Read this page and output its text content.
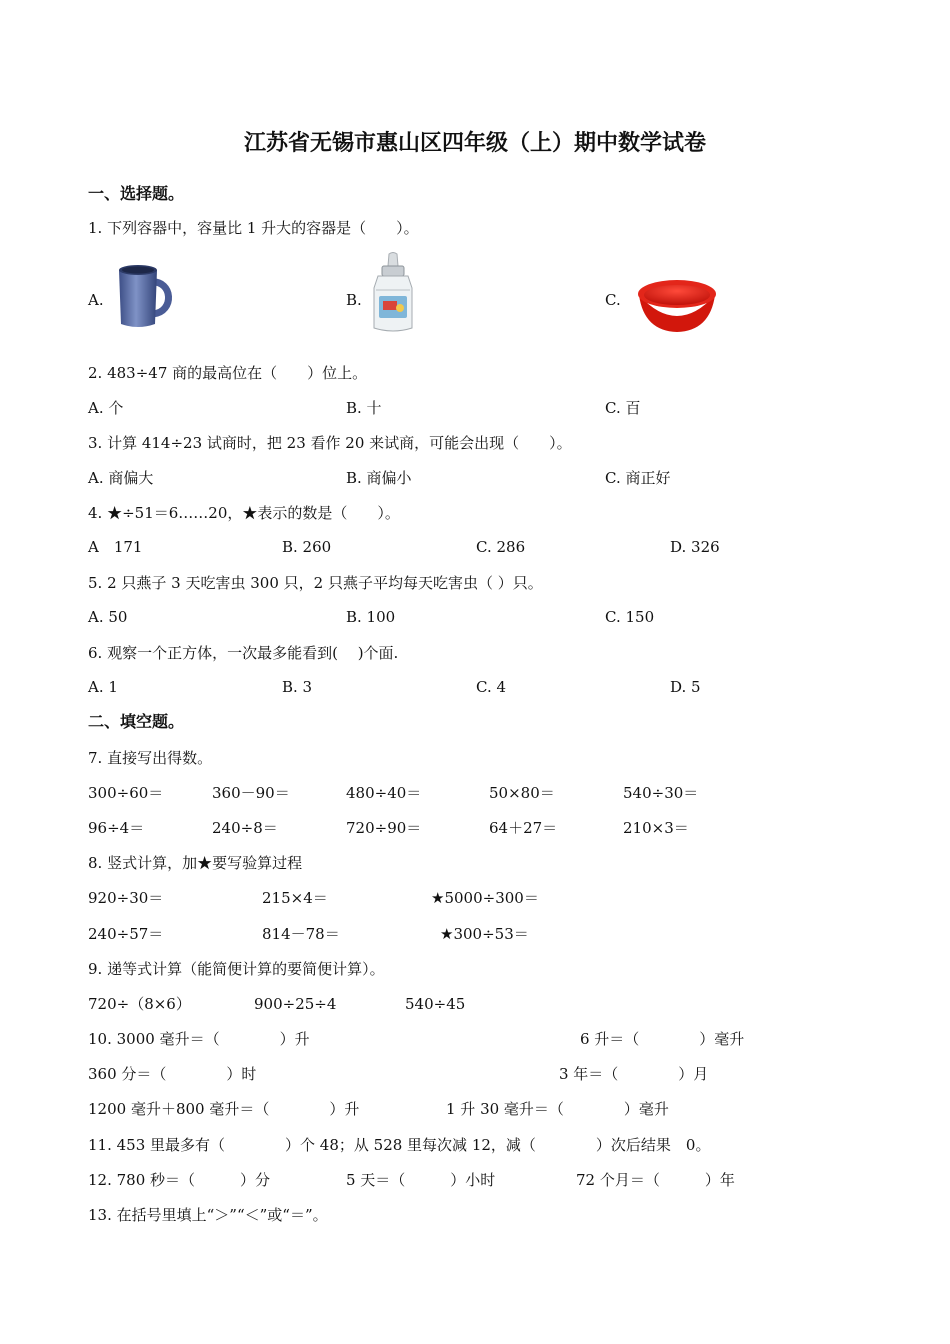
江苏省无锡市惠山区四年级（上）期中数学试卷
一、选择题。
1. 下列容器中，容量比 1 升大的容器是（　　）。
A.	B.	C.
2. 483÷47 商的最高位在（　　）位上。
A. 个	B. 十	C. 百
3. 计算 414÷23 试商时，把 23 看作 20 来试商，可能会出现（　　）。
A. 商偏大	B. 商偏小	C. 商正好
4. ★÷51＝6……20，★表示的数是（　　）。
A　171	B. 260	C. 286	D. 326
5. 2 只燕子 3 天吃害虫 300 只，2 只燕子平均每天吃害虫（ ）只。
A. 50	B. 100	C. 150
6. 观察一个正方体，一次最多能看到(　 )个面.
A. 1	B. 3	C. 4	D. 5
二、填空题。
7. 直接写出得数。
300÷60＝	360－90＝	480÷40＝	50×80＝	540÷30＝
96÷4＝	240÷8＝	720÷90＝	64＋27＝	210×3＝
8. 竖式计算，加★要写验算过程
920÷30＝	215×4＝	★5000÷300＝
240÷57＝	814－78＝	★300÷53＝
9. 递等式计算（能简便计算的要简便计算）。
720÷（8×6）	900÷25÷4	540÷45
10. 3000 毫升＝（　　　　）升	6 升＝（　　　　）毫升
360 分＝（　　　　）时	3 年＝（　　　　）月
1200 毫升＋800 毫升＝（　　　　）升	1 升 30 毫升＝（　　　　）毫升
11. 453 里最多有（　　　　）个 48；从 528 里每次减 12，减（　　　　）次后结果　0。
12. 780 秒＝（　　　）分	5 天＝（　　　）小时	72 个月＝（　　　）年
13. 在括号里填上“＞”“＜”或“＝”。
